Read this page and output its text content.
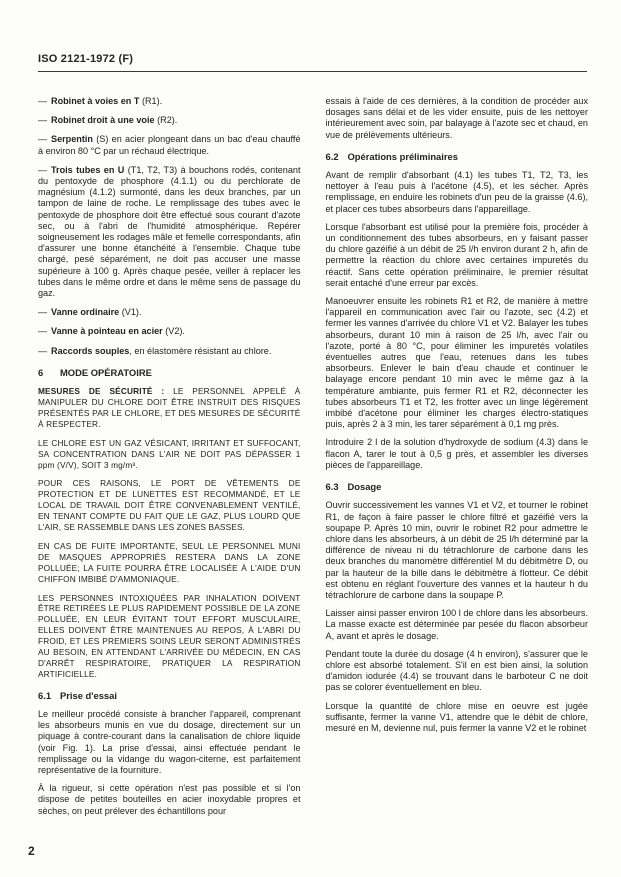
ISO 2121-1972 (F)

— Robinet à voies en T (R1).

— Robinet droit à une voie (R2).

— Serpentin (S) en acier plongeant dans un bac d'eau chauffé à environ 80 °C par un réchaud électrique.

— Trois tubes en U (T1, T2, T3) à bouchons rodés, contenant du pentoxyde de phosphore (4.1.1) ou du perchlorate de magnésium (4.1.2) surmonté, dans les deux branches, par un tampon de laine de roche. Le remplissage des tubes avec le pentoxyde de phosphore doit être effectué sous courant d'azote sec, ou à l'abri de l'humidité atmosphérique. Repérer soigneusement les rodages mâle et femelle correspondants, afin d'assurer une bonne étanchéité à l'ensemble. Chaque tube chargé, pesé séparément, ne doit pas accuser une masse supérieure à 100 g. Après chaque pesée, veiller à replacer les tubes dans le même ordre et dans le même sens de passage du gaz.

— Vanne ordinaire (V1).

— Vanne à pointeau en acier (V2).

— Raccords souples, en élastomère résistant au chlore.

6 MODE OPÉRATOIRE

MESURES DE SÉCURITÉ : LE PERSONNEL APPELÉ À MANIPULER DU CHLORE DOIT ÊTRE INSTRUIT DES RISQUES PRÉSENTÉS PAR LE CHLORE, ET DES MESURES DE SÉCURITÉ À RESPECTER.

LE CHLORE EST UN GAZ VÉSICANT, IRRITANT ET SUFFOCANT, SA CONCENTRATION DANS L'AIR NE DOIT PAS DÉPASSER 1 ppm (V/V), SOIT 3 mg/m³.

POUR CES RAISONS, LE PORT DE VÊTEMENTS DE PROTECTION ET DE LUNETTES EST RECOMMANDÉ, ET LE LOCAL DE TRAVAIL DOIT ÊTRE CONVENABLEMENT VENTILÉ, EN TENANT COMPTE DU FAIT QUE LE GAZ, PLUS LOURD QUE L'AIR, SE RASSEMBLE DANS LES ZONES BASSES.

EN CAS DE FUITE IMPORTANTE, SEUL LE PERSONNEL MUNI DE MASQUES APPROPRIÉS RESTERA DANS LA ZONE POLLUÉE; LA FUITE POURRA ÊTRE LOCALISÉE À L'AIDE D'UN CHIFFON IMBIBÉ D'AMMONIAQUE.

LES PERSONNES INTOXIQUÉES PAR INHALATION DOIVENT ÊTRE RETIRÉES LE PLUS RAPIDEMENT POSSIBLE DE LA ZONE POLLUÉE, EN LEUR ÉVITANT TOUT EFFORT MUSCULAIRE, ELLES DOIVENT ÊTRE MAINTENUES AU REPOS, À L'ABRI DU FROID, ET LES PREMIERS SOINS LEUR SERONT ADMINISTRÉS AU BESOIN, EN ATTENDANT L'ARRIVÉE DU MÉDECIN, EN CAS D'ARRÊT RESPIRATOIRE, PRATIQUER LA RESPIRATION ARTIFICIELLE.

6.1 Prise d'essai

Le meilleur procédé consiste à brancher l'appareil, comprenant les absorbeurs munis en vue du dosage, directement sur un piquage à contre-courant dans la canalisation de chlore liquide (voir Fig. 1). La prise d'essai, ainsi effectuée pendant le remplissage ou la vidange du wagon-citerne, est parfaitement représentative de la fourniture.

À la rigueur, si cette opération n'est pas possible et si l'on dispose de petites bouteilles en acier inoxydable propres et sèches, on peut prélever des échantillons pour

essais à l'aide de ces dernières, à la condition de procéder aux dosages sans délai et de les vider ensuite, puis de les nettoyer intérieurement avec soin, par balayage à l'azote sec et chaud, en vue de prélèvements ultérieurs.

6.2 Opérations préliminaires

Avant de remplir d'absorbant (4.1) les tubes T1, T2, T3, les nettoyer à l'eau puis à l'acétone (4.5), et les sécher. Après remplissage, en enduire les robinets d'un peu de la graisse (4.6), et placer ces tubes absorbeurs dans l'appareillage.

Lorsque l'absorbant est utilisé pour la première fois, procéder à un conditionnement des tubes absorbeurs, en y faisant passer du chlore gazéifié à un débit de 25 l/h environ durant 2 h, afin de permettre la réaction du chlore avec certaines impuretés du réactif. Sans cette opération préliminaire, le premier résultat serait entaché d'une erreur par excès.

Manoeuvrer ensuite les robinets R1 et R2, de manière à mettre l'appareil en communication avec l'air ou l'azote, sec (4.2) et fermer les vannes d'arrivée du chlore V1 et V2. Balayer les tubes absorbeurs, durant 10 min à raison de 25 l/h, avec l'air ou l'azote, porté à 80 °C, pour éliminer les impuretés volatiles éventuelles autres que l'eau, retenues dans les tubes absorbeurs. Enlever le bain d'eau chaude et continuer le balayage encore pendant 10 min avec le même gaz à la température ambiante, puis fermer R1 et R2, déconnecter les tubes absorbeurs T1 et T2, les frotter avec un linge légèrement imbibé d'acétone pour éliminer les charges électro-statiques puis, après 2 à 3 min, les tarer séparément à 0,1 mg près.

Introduire 2 l de la solution d'hydroxyde de sodium (4.3) dans le flacon A, tarer le tout à 0,5 g près, et assembler les diverses pièces de l'appareillage.

6.3 Dosage

Ouvrir successivement les vannes V1 et V2, et tourner le robinet R1, de façon à faire passer le chlore filtré et gazéifié vers la soupape P. Après 10 min, ouvrir le robinet R2 pour admettre le chlore dans les absorbeurs, à un débit de 25 l/h déterminé par la différence de niveau ni du tétrachlorure de carbone dans les deux branches du manomètre différentiel M du débitmètre D, ou par la hauteur de la bille dans le débitmètre à flotteur. Ce débit est obtenu en réglant l'ouverture des vannes et la hauteur h du tétrachlorure de carbone dans la soupape P.

Laisser ainsi passer environ 100 l de chlore dans les absorbeurs. La masse exacte est déterminée par pesée du flacon absorbeur A, avant et après le dosage.

Pendant toute la durée du dosage (4 h environ), s'assurer que le chlore est absorbé totalement. S'il en est bien ainsi, la solution d'amidon iodurée (4.4) se trouvant dans le barboteur C ne doit pas se colorer éventuellement en bleu.

Lorsque la quantité de chlore mise en oeuvre est jugée suffisante, fermer la vanne V1, attendre que le débit de chlore, mesuré en M, devienne nul, puis fermer la vanne V2 et le robinet

2
